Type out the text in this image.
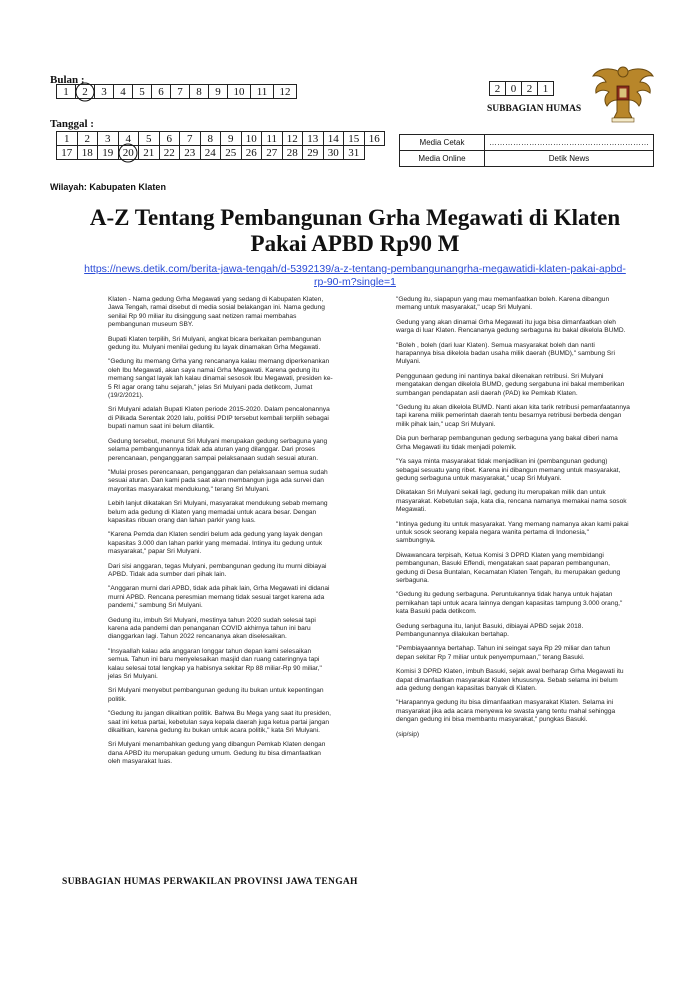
Bulan :
1	2	3	4	5	6	7	8	9	10	11	12
Tanggal :
1	2	3	4	5	6	7	8	9	10	11	12	13	14	15	16
17	18	19	20	21	22	23	24	25	26	27	28	29	30	31	
2	0	2	1
SUBBAGIAN HUMAS
Media Cetak	……………………………………………………
Media Online	Detik News
Wilayah: Kabupaten Klaten
A-Z Tentang Pembangunan Grha Megawati di Klaten
Pakai APBD Rp90 M
https://news.detik.com/berita-jawa-tengah/d-5392139/a-z-tentang-pembangunangrha-megawatidi-klaten-pakai-apbd-
rp-90-m?single=1

Klaten - Nama gedung Grha Megawati yang sedang di Kabupaten Klaten, Jawa Tengah, ramai disebut di media sosial belakangan ini. Nama gedung senilai Rp 90 miliar itu disinggung saat netizen ramai membahas pembangunan museum SBY.

Bupati Klaten terpilih, Sri Mulyani, angkat bicara berkaitan pembangunan gedung itu. Mulyani menilai gedung itu layak dinamakan Grha Megawati.

"Gedung itu memang Grha yang rencananya kalau memang diperkenankan oleh Ibu Megawati, akan saya namai Grha Megawati. Karena gedung itu memang sangat layak lah kalau dinamai sesosok Ibu Megawati, presiden ke-5 RI agar orang tahu sejarah," jelas Sri Mulyani pada detikcom, Jumat (19/2/2021).

Sri Mulyani adalah Bupati Klaten periode 2015-2020. Dalam pencalonannya di Pilkada Serentak 2020 lalu, politisi PDIP tersebut kembali terpilih sebagai bupati namun saat ini belum dilantik.

Gedung tersebut, menurut Sri Mulyani merupakan gedung serbaguna yang selama pembangunannya tidak ada aturan yang dilanggar. Dari proses perencanaan, penganggaran sampai pelaksanaan sudah sesuai aturan.

"Mulai proses perencanaan, penganggaran dan pelaksanaan semua sudah sesuai aturan. Dan kami pada saat akan membangun juga ada survei dan mayoritas masyarakat mendukung," terang Sri Mulyani.

Lebih lanjut dikatakan Sri Mulyani, masyarakat mendukung sebab memang belum ada gedung di Klaten yang memadai untuk acara besar. Dengan kapasitas ribuan orang dan lahan parkir yang luas.

"Karena Pemda dan Klaten sendiri belum ada gedung yang layak dengan kapasitas 3.000 dan lahan parkir yang memadai. Intinya itu gedung untuk masyarakat," papar Sri Mulyani.

Dari sisi anggaran, tegas Mulyani, pembangunan gedung itu murni dibiayai APBD. Tidak ada sumber dari pihak lain.

"Anggaran murni dari APBD, tidak ada pihak lain, Grha Megawati ini didanai murni APBD. Rencana peresmian memang tidak sesuai target karena ada pandemi," sambung Sri Mulyani.

Gedung itu, imbuh Sri Mulyani, mestinya tahun 2020 sudah selesai tapi karena ada pandemi dan penanganan COVID akhirnya tahun ini baru dianggarkan lagi. Tahun 2022 rencananya akan diselesaikan.

"Insyaallah kalau ada anggaran longgar tahun depan kami selesaikan semua. Tahun ini baru menyelesaikan masjid dan ruang cateringnya tapi kalau selesai total lengkap ya habisnya sekitar Rp 88 miliar-Rp 90 miliar," jelas Sri Mulyani.

Sri Mulyani menyebut pembangunan gedung itu bukan untuk kepentingan politik.

"Gedung itu jangan dikaitkan politik. Bahwa Bu Mega yang saat itu presiden, saat ini ketua partai, kebetulan saya kepala daerah juga ketua partai jangan dikaitkan, karena gedung itu bukan untuk acara politik," kata Sri Mulyani.

Sri Mulyani menambahkan gedung yang dibangun Pemkab Klaten dengan dana APBD itu merupakan gedung umum. Gedung itu bisa dimanfaatkan oleh masyarakat luas.

"Gedung itu, siapapun yang mau memanfaatkan boleh. Karena dibangun memang untuk masyarakat," ucap Sri Mulyani.

Gedung yang akan dinamai Grha Megawati itu juga bisa dimanfaatkan oleh warga di luar Klaten. Rencananya gedung serbaguna itu bakal dikelola BUMD.

"Boleh , boleh (dari luar Klaten). Semua masyarakat boleh dan nanti harapannya bisa dikelola badan usaha milik daerah (BUMD)," sambung Sri Mulyani.

Penggunaan gedung ini nantinya bakal dikenakan retribusi. Sri Mulyani mengatakan dengan dikelola BUMD, gedung sergabuna ini bakal memberikan sumbangan pendapatan asli daerah (PAD) ke Pemkab Klaten.

"Gedung itu akan dikelola BUMD. Nanti akan kita tarik retribusi pemanfaatannya tapi karena milik pemerintah daerah tentu besarnya retribusi berbeda dengan milik pihak lain," ucap Sri Mulyani.

Dia pun berharap pembangunan gedung serbaguna yang bakal diberi nama Grha Megawati itu tidak menjadi polemik.

"Ya saya minta masyarakat tidak menjadikan ini (pembangunan gedung) sebagai sesuatu yang ribet. Karena ini dibangun memang untuk masyarakat, gedung serbaguna untuk masyarakat," ucap Sri Mulyani.

Dikatakan Sri Mulyani sekali lagi, gedung itu merupakan milik dan untuk masyarakat. Kebetulan saja, kata dia, rencana namanya memakai nama sosok Megawati.

"Intinya gedung itu untuk masyarakat. Yang memang namanya akan kami pakai untuk sosok seorang kepala negara wanita pertama di Indonesia," sambungnya.

Diwawancara terpisah, Ketua Komisi 3 DPRD Klaten yang membidangi pembangunan, Basuki Effendi, mengatakan saat paparan pembangunan, gedung di Desa Buntalan, Kecamatan Klaten Tengah, itu merupakan gedung serbaguna.

"Gedung itu gedung serbaguna. Peruntukannya tidak hanya untuk hajatan pernikahan tapi untuk acara lainnya dengan kapasitas tampung 3.000 orang," kata Basuki pada detikcom.

Gedung serbaguna itu, lanjut Basuki, dibiayai APBD sejak 2018. Pembangunannya dilakukan bertahap.

"Pembiayaannya bertahap. Tahun ini seingat saya Rp 29 miliar dan tahun depan sekitar Rp 7 miliar untuk penyempurnaan," terang Basuki.

Komisi 3 DPRD Klaten, imbuh Basuki, sejak awal berharap Grha Megawati itu dapat dimanfaatkan masyarakat Klaten khususnya. Sebab selama ini belum ada gedung dengan kapasitas banyak di Klaten.

"Harapannya gedung itu bisa dimanfaatkan masyarakat Klaten. Selama ini masyarakat jika ada acara menyewa ke swasta yang tentu mahal sehingga dengan gedung ini bisa membantu masyarakat," pungkas Basuki.

(sip/sip)

SUBBAGIAN HUMAS PERWAKILAN PROVINSI JAWA TENGAH
